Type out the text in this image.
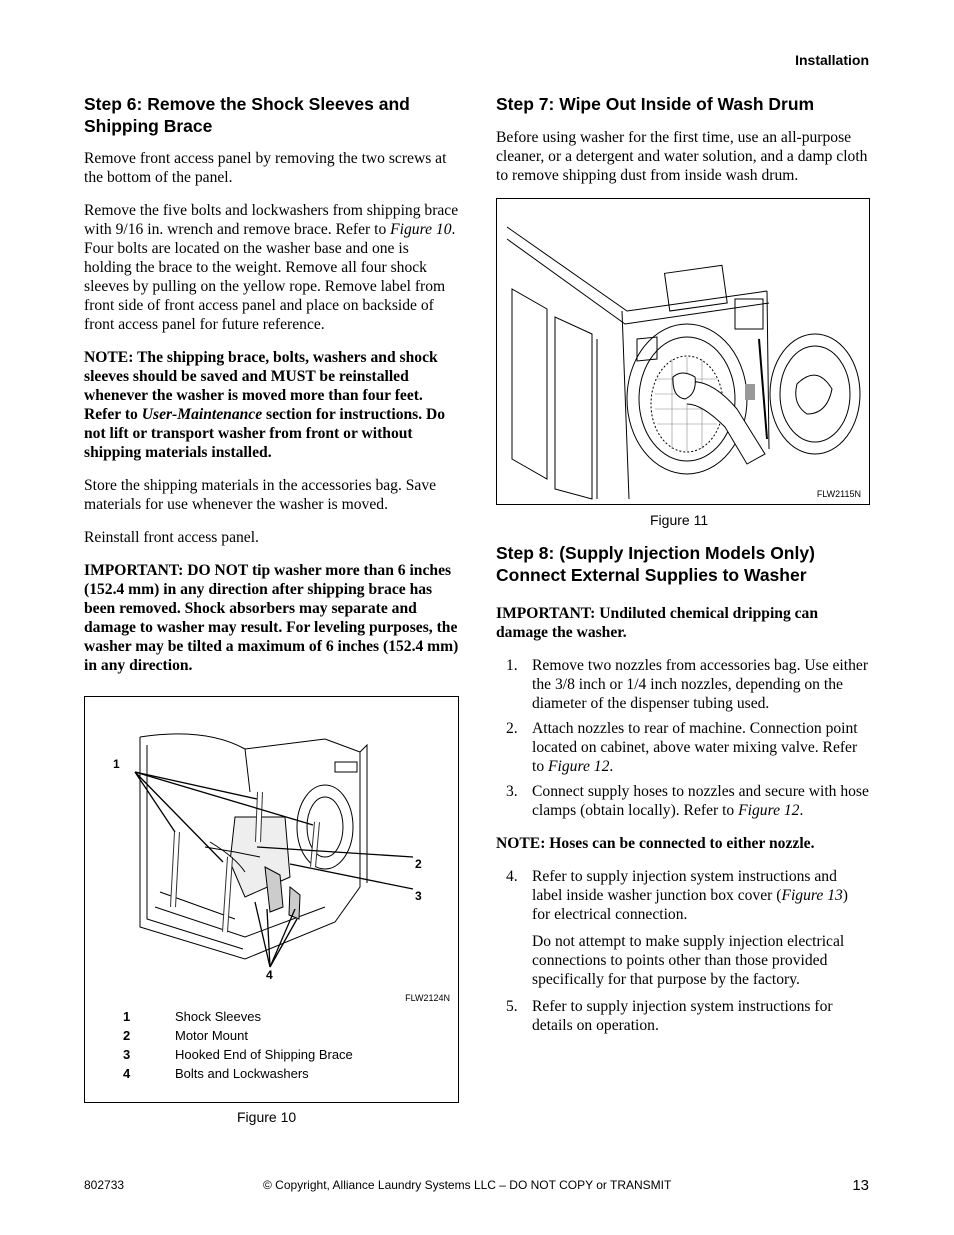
Installation
Step 6: Remove the Shock Sleeves and Shipping Brace

Remove front access panel by removing the two screws at the bottom of the panel.

Remove the five bolts and lockwashers from shipping brace with 9/16 in. wrench and remove brace. Refer to Figure 10. Four bolts are located on the washer base and one is holding the brace to the weight. Remove all four shock sleeves by pulling on the yellow rope. Remove label from front side of front access panel and place on backside of front access panel for future reference.

NOTE: The shipping brace, bolts, washers and shock sleeves should be saved and MUST be reinstalled whenever the washer is moved more than four feet. Refer to User-Maintenance section for instructions. Do not lift or transport washer from front or without shipping materials installed.

Store the shipping materials in the accessories bag. Save materials for use whenever the washer is moved.

Reinstall front access panel.

IMPORTANT: DO NOT tip washer more than 6 inches (152.4 mm) in any direction after shipping brace has been removed. Shock absorbers may separate and damage to washer may result. For leveling purposes, the washer may be tilted a maximum of 6 inches (152.4 mm) in any direction.

1
2
3
4
FLW2124N
1	Shock Sleeves
2	Motor Mount
3	Hooked End of Shipping Brace
4	Bolts and Lockwashers
Figure 10
Step 7: Wipe Out Inside of Wash Drum

Before using washer for the first time, use an all-purpose cleaner, or a detergent and water solution, and a damp cloth to remove shipping dust from inside wash drum.

FLW2115N
Figure 11
Step 8: (Supply Injection Models Only) Connect External Supplies to Washer

IMPORTANT: Undiluted chemical dripping can damage the washer.

1. Remove two nozzles from accessories bag. Use either the 3/8 inch or 1/4 inch nozzles, depending on the diameter of the dispenser tubing used.
2. Attach nozzles to rear of machine. Connection point located on cabinet, above water mixing valve. Refer to Figure 12.
3. Connect supply hoses to nozzles and secure with hose clamps (obtain locally). Refer to Figure 12.

NOTE: Hoses can be connected to either nozzle.

4. Refer to supply injection system instructions and label inside washer junction box cover (Figure 13) for electrical connection.
Do not attempt to make supply injection electrical connections to points other than those provided specifically for that purpose by the factory.
5. Refer to supply injection system instructions for details on operation.
802733	© Copyright, Alliance Laundry Systems LLC – DO NOT COPY or TRANSMIT	13
